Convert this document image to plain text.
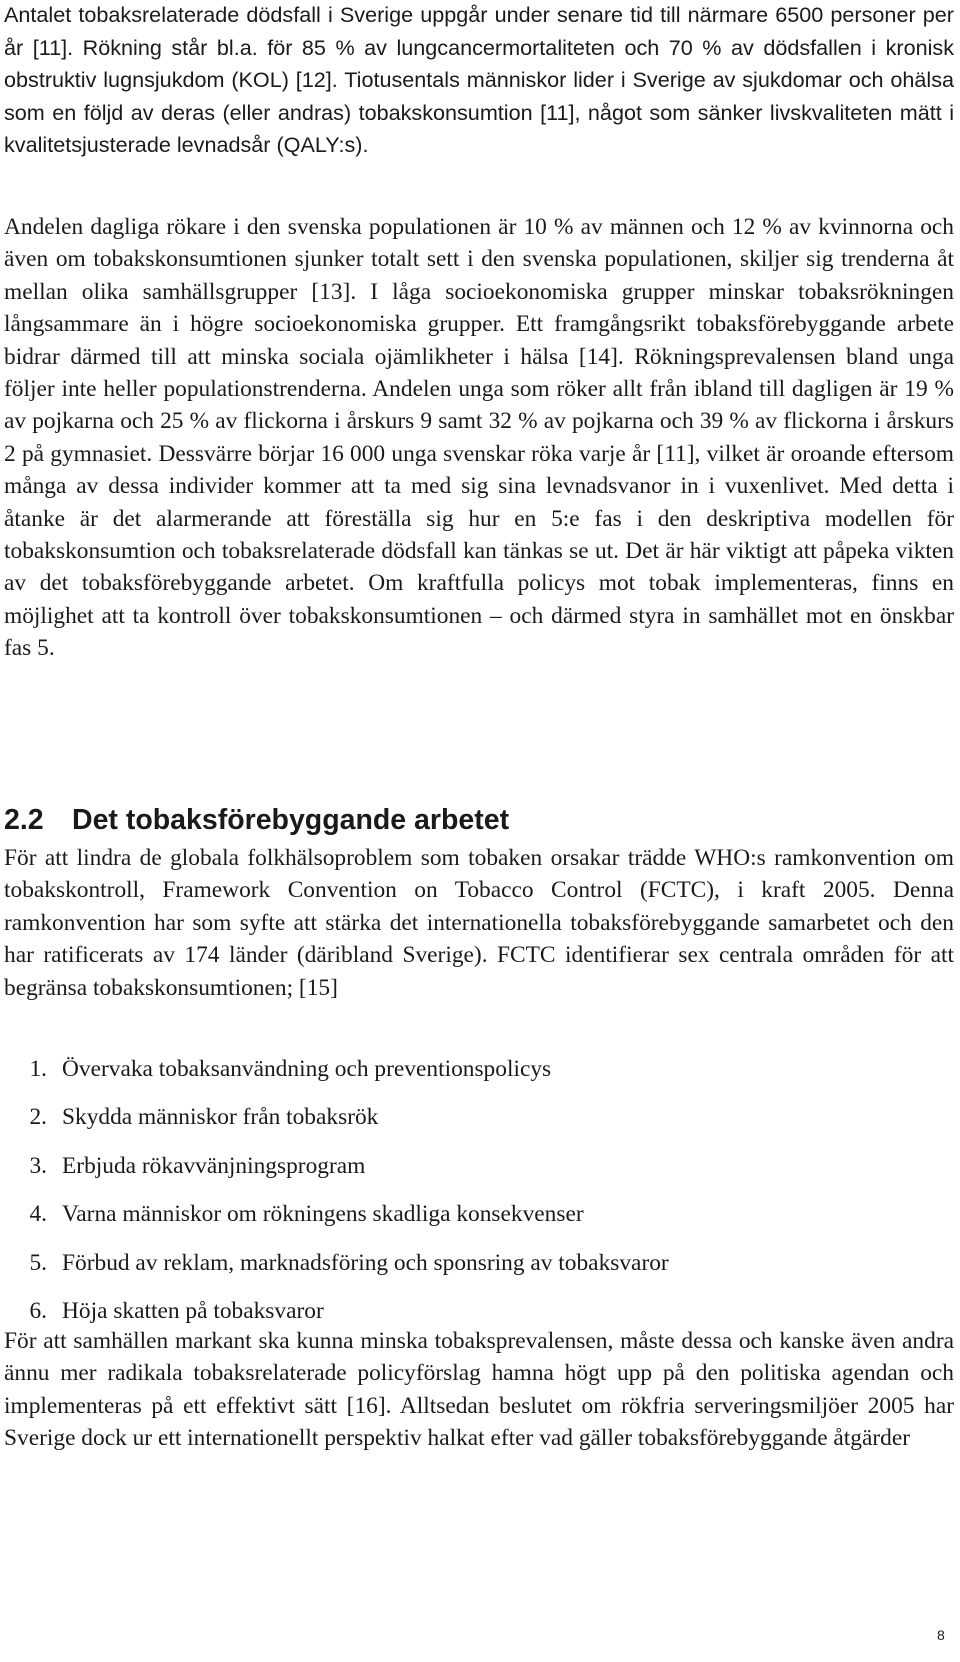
Antalet tobaksrelaterade dödsfall i Sverige uppgår under senare tid till närmare 6500 personer per år [11]. Rökning står bl.a. för 85 % av lungcancermortaliteten och 70 % av dödsfallen i kronisk obstruktiv lugnsjukdom (KOL) [12]. Tiotusentals människor lider i Sverige av sjukdomar och ohälsa som en följd av deras (eller andras) tobakskonsumtion [11], något som sänker livskvaliteten mätt i kvalitetsjusterade levnadsår (QALY:s).

Andelen dagliga rökare i den svenska populationen är 10 % av männen och 12 % av kvinnorna och även om tobakskonsumtionen sjunker totalt sett i den svenska populationen, skiljer sig trenderna åt mellan olika samhällsgrupper [13]. I låga socioekonomiska grupper minskar tobaksrökningen långsammare än i högre socioekonomiska grupper. Ett framgångsrikt tobaksförebyggande arbete bidrar därmed till att minska sociala ojämlikheter i hälsa [14]. Rökningsprevalensen bland unga följer inte heller populationstrenderna. Andelen unga som röker allt från ibland till dagligen är 19 % av pojkarna och 25 % av flickorna i årskurs 9 samt 32 % av pojkarna och 39 % av flickorna i årskurs 2 på gymnasiet. Dessvärre börjar 16 000 unga svenskar röka varje år [11], vilket är oroande eftersom många av dessa individer kommer att ta med sig sina levnadsvanor in i vuxenlivet. Med detta i åtanke är det alarmerande att föreställa sig hur en 5:e fas i den deskriptiva modellen för tobakskonsumtion och tobaksrelaterade dödsfall kan tänkas se ut. Det är här viktigt att påpeka vikten av det tobaksförebyggande arbetet. Om kraftfulla policys mot tobak implementeras, finns en möjlighet att ta kontroll över tobakskonsumtionen – och därmed styra in samhället mot en önskbar fas 5.

2.2 Det tobaksförebyggande arbetet

För att lindra de globala folkhälsoproblem som tobaken orsakar trädde WHO:s ramkonvention om tobakskontroll, Framework Convention on Tobacco Control (FCTC), i kraft 2005. Denna ramkonvention har som syfte att stärka det internationella tobaksförebyggande samarbetet och den har ratificerats av 174 länder (däribland Sverige). FCTC identifierar sex centrala områden för att begränsa tobakskonsumtionen; [15]

1. Övervaka tobaksanvändning och preventionspolicys
2. Skydda människor från tobaksrök
3. Erbjuda rökavvänjningsprogram
4. Varna människor om rökningens skadliga konsekvenser
5. Förbud av reklam, marknadsföring och sponsring av tobaksvaror
6. Höja skatten på tobaksvaror

För att samhällen markant ska kunna minska tobaksprevalensen, måste dessa och kanske även andra ännu mer radikala tobaksrelaterade policyförslag hamna högt upp på den politiska agendan och implementeras på ett effektivt sätt [16]. Alltsedan beslutet om rökfria serveringsmiljöer 2005 har Sverige dock ur ett internationellt perspektiv halkat efter vad gäller tobaksförebyggande åtgärder

8
